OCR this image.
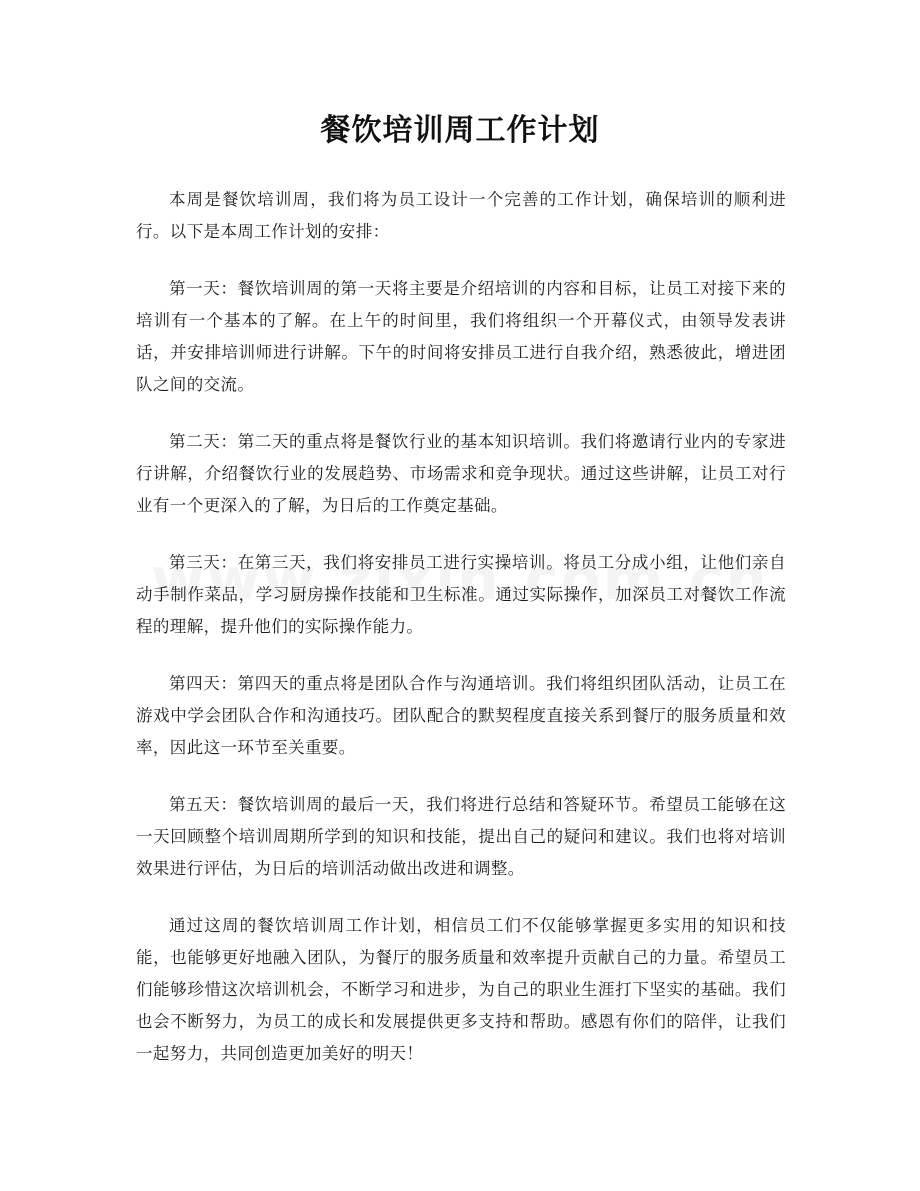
餐饮培训周工作计划

本周是餐饮培训周，我们将为员工设计一个完善的工作计划，确保培训的顺利进行。以下是本周工作计划的安排：

第一天：餐饮培训周的第一天将主要是介绍培训的内容和目标，让员工对接下来的培训有一个基本的了解。在上午的时间里，我们将组织一个开幕仪式，由领导发表讲话，并安排培训师进行讲解。下午的时间将安排员工进行自我介绍，熟悉彼此，增进团队之间的交流。

第二天：第二天的重点将是餐饮行业的基本知识培训。我们将邀请行业内的专家进行讲解，介绍餐饮行业的发展趋势、市场需求和竞争现状。通过这些讲解，让员工对行业有一个更深入的了解，为日后的工作奠定基础。

第三天：在第三天，我们将安排员工进行实操培训。将员工分成小组，让他们亲自动手制作菜品，学习厨房操作技能和卫生标准。通过实际操作，加深员工对餐饮工作流程的理解，提升他们的实际操作能力。

第四天：第四天的重点将是团队合作与沟通培训。我们将组织团队活动，让员工在游戏中学会团队合作和沟通技巧。团队配合的默契程度直接关系到餐厅的服务质量和效率，因此这一环节至关重要。

第五天：餐饮培训周的最后一天，我们将进行总结和答疑环节。希望员工能够在这一天回顾整个培训周期所学到的知识和技能，提出自己的疑问和建议。我们也将对培训效果进行评估，为日后的培训活动做出改进和调整。

通过这周的餐饮培训周工作计划，相信员工们不仅能够掌握更多实用的知识和技能，也能够更好地融入团队，为餐厅的服务质量和效率提升贡献自己的力量。希望员工们能够珍惜这次培训机会，不断学习和进步，为自己的职业生涯打下坚实的基础。我们也会不断努力，为员工的成长和发展提供更多支持和帮助。感恩有你们的陪伴，让我们一起努力，共同创造更加美好的明天！
